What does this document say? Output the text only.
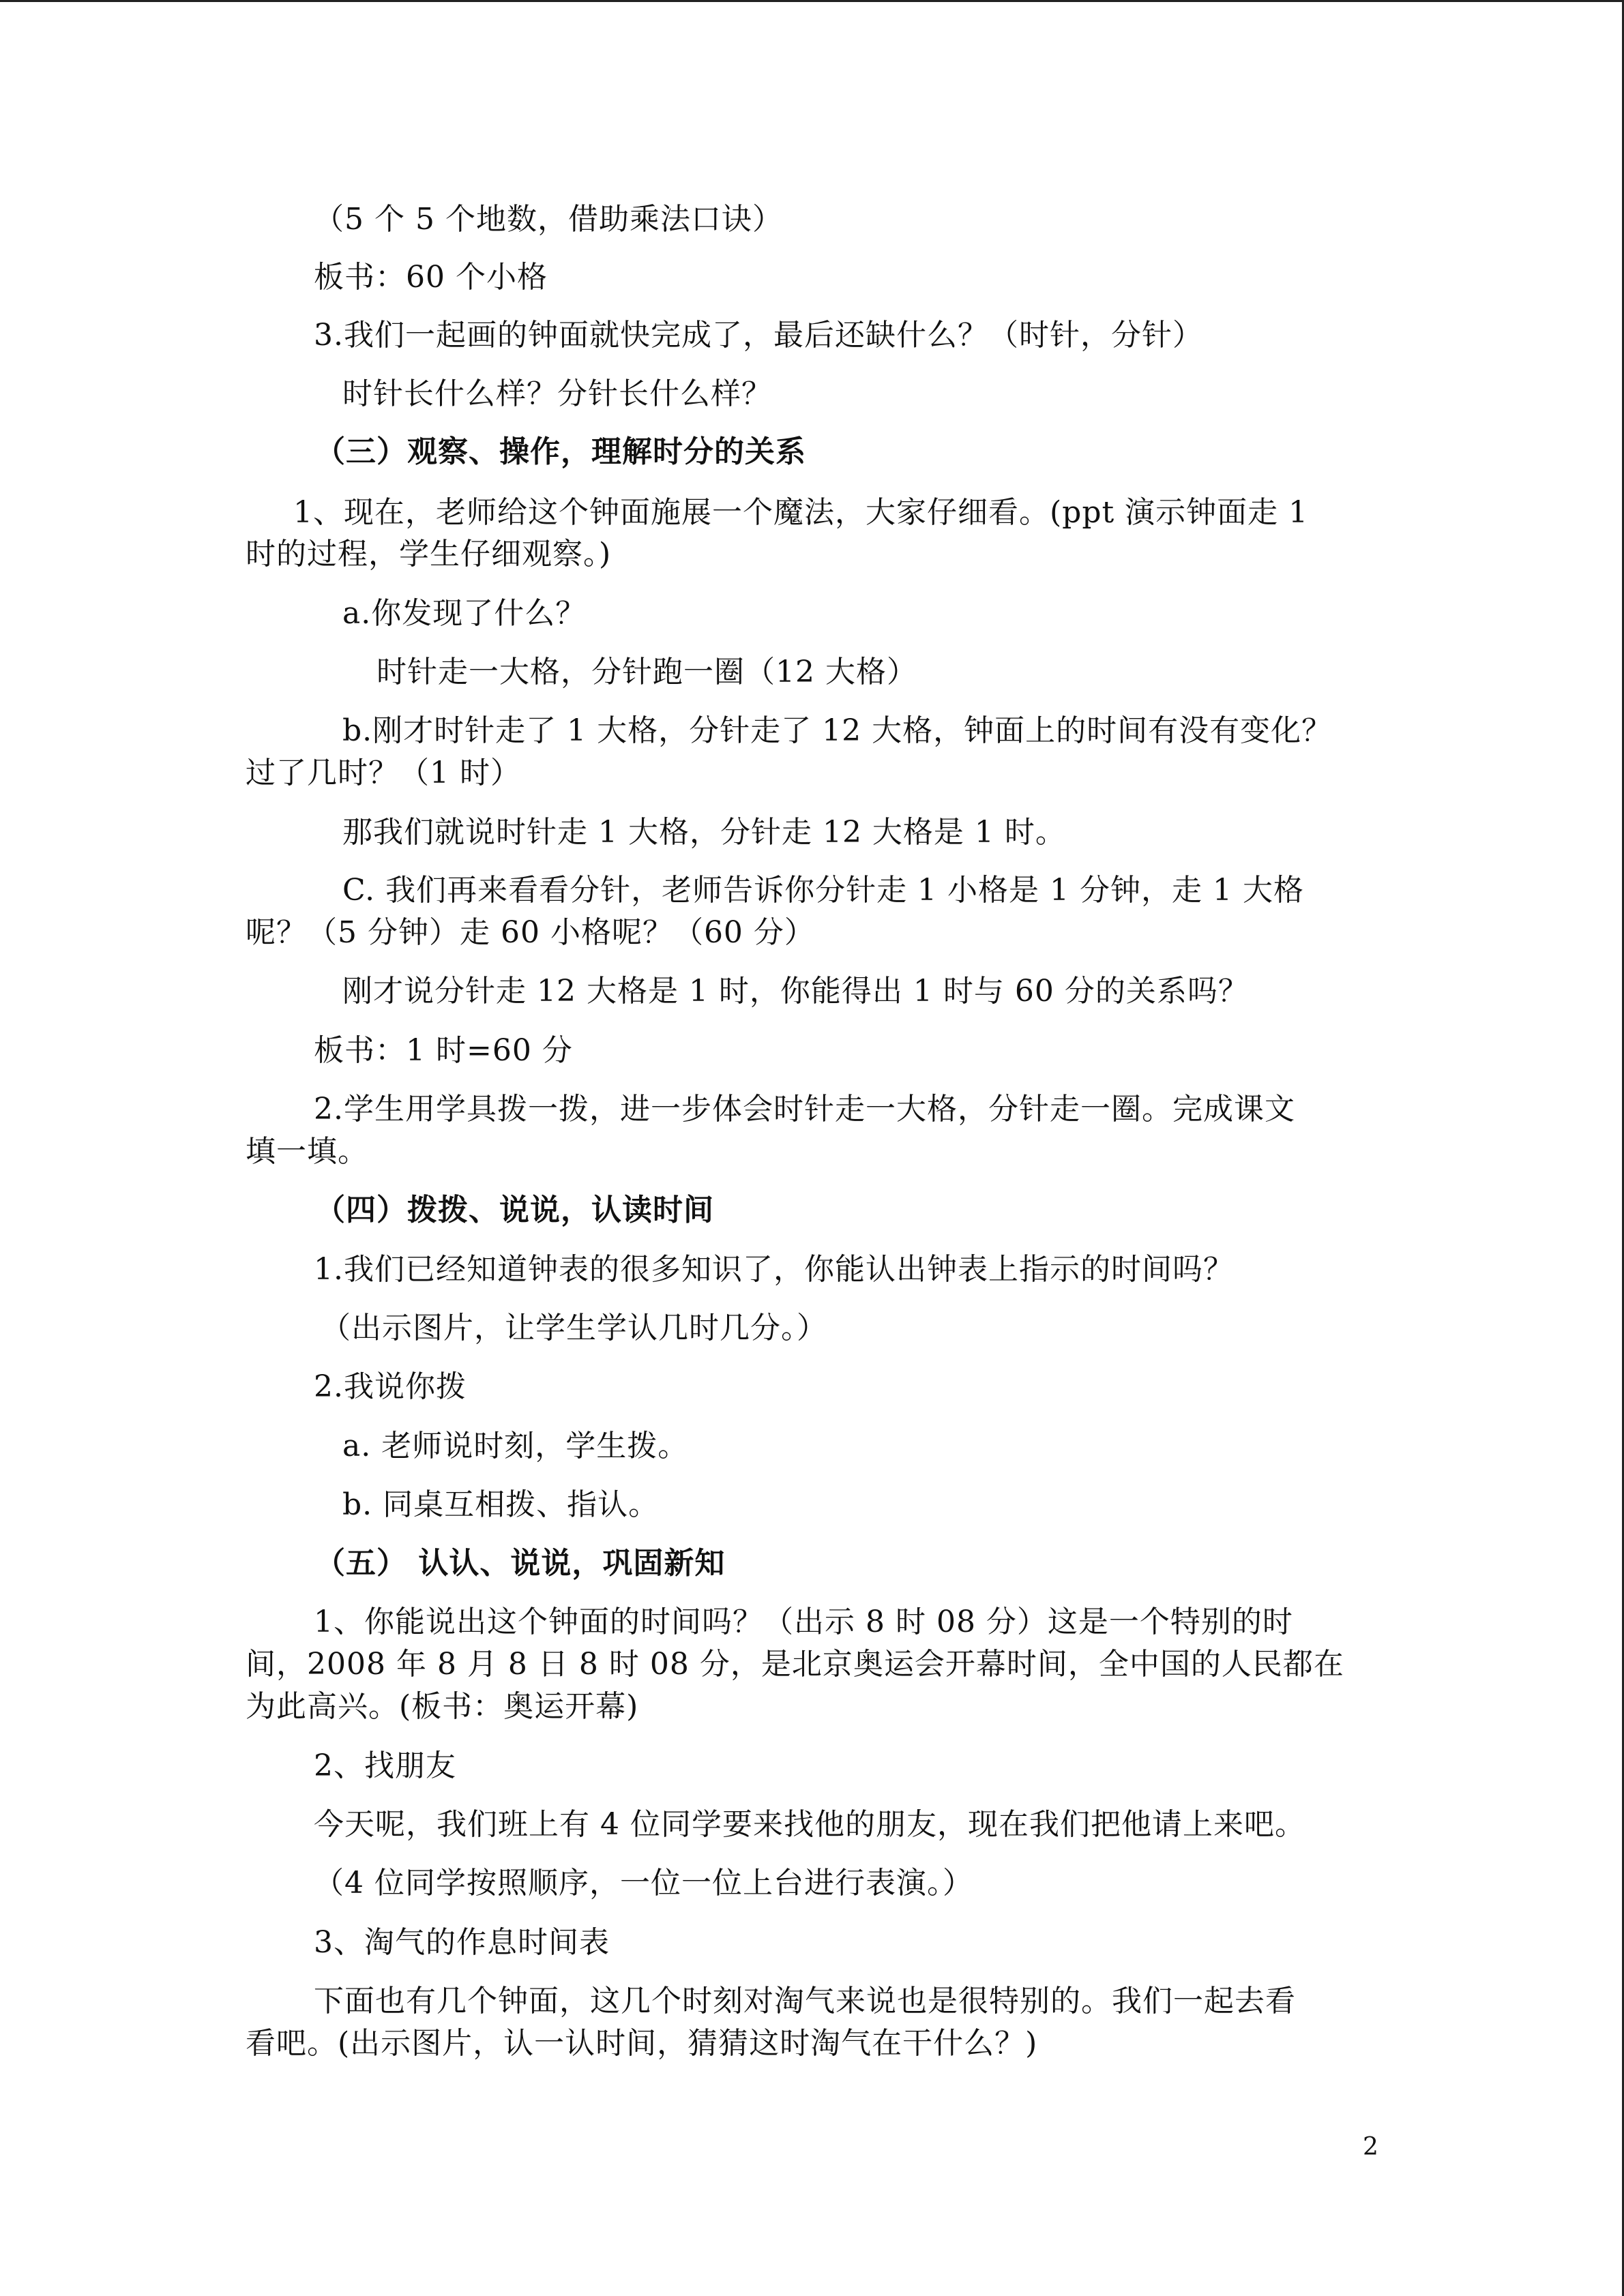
（5 个 5 个地数，借助乘法口诀）
板书：60 个小格
3.我们一起画的钟面就快完成了，最后还缺什么？（时针，分针）
时针长什么样？分针长什么样？
（三）观察、操作，理解时分的关系
1、现在，老师给这个钟面施展一个魔法，大家仔细看。(ppt 演示钟面走 1
时的过程，学生仔细观察。)
a.你发现了什么？
时针走一大格，分针跑一圈（12 大格）
b.刚才时针走了 1 大格，分针走了 12 大格，钟面上的时间有没有变化？
过了几时？（1 时）
那我们就说时针走 1 大格，分针走 12 大格是 1 时。
C. 我们再来看看分针，老师告诉你分针走 1 小格是 1 分钟，走 1 大格
呢？（5 分钟）走 60 小格呢？（60 分）
刚才说分针走 12 大格是 1 时，你能得出 1 时与 60 分的关系吗？
板书：1 时=60 分
2.学生用学具拨一拨，进一步体会时针走一大格，分针走一圈。完成课文
填一填。
（四）拨拨、说说，认读时间
1.我们已经知道钟表的很多知识了，你能认出钟表上指示的时间吗？
（出示图片，让学生学认几时几分。）
2.我说你拨
a. 老师说时刻，学生拨。
b. 同桌互相拨、指认。
（五） 认认、说说，巩固新知
1、你能说出这个钟面的时间吗？（出示 8 时 08 分）这是一个特别的时
间，2008 年 8 月 8 日 8 时 08 分，是北京奥运会开幕时间，全中国的人民都在
为此高兴。(板书：奥运开幕)
2、找朋友
今天呢，我们班上有 4 位同学要来找他的朋友，现在我们把他请上来吧。
（4 位同学按照顺序，一位一位上台进行表演。）
3、淘气的作息时间表
下面也有几个钟面，这几个时刻对淘气来说也是很特别的。我们一起去看
看吧。(出示图片，认一认时间，猜猜这时淘气在干什么？)
2
